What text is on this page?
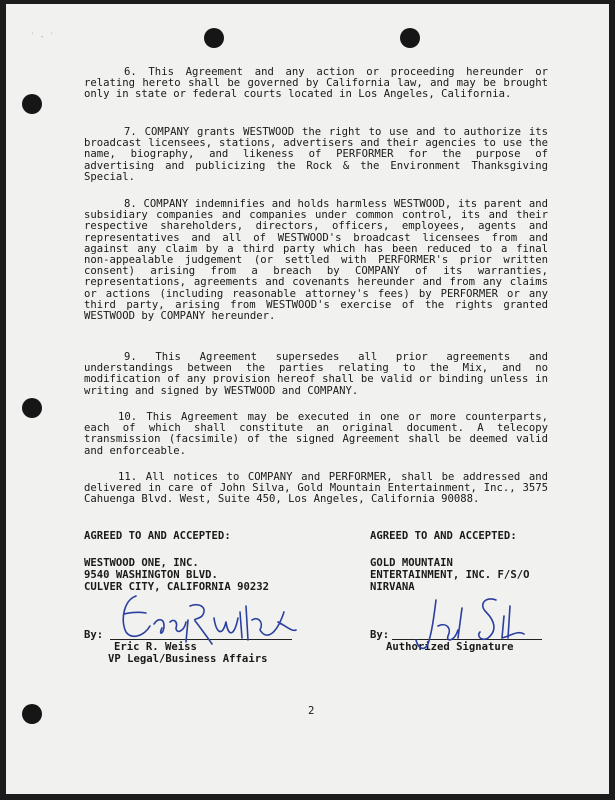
˙ ˗ ˙

6. This Agreement and any action or proceeding hereunder or relating hereto shall be governed by California law, and may be brought only in state or federal courts located in Los Angeles, California.

7. COMPANY grants WESTWOOD the right to use and to authorize its broadcast licensees, stations, advertisers and their agencies to use the name, biography, and likeness of PERFORMER for the purpose of advertising and publicizing the Rock & the Environment Thanksgiving Special.

8. COMPANY indemnifies and holds harmless WESTWOOD, its parent and subsidiary companies and companies under common control, its and their respective shareholders, directors, officers, employees, agents and representatives and all of WESTWOOD's broadcast licensees from and against any claim by a third party which has been reduced to a final non-appealable judgement (or settled with PERFORMER's prior written consent) arising from a breach by COMPANY of its warranties, representations, agreements and covenants hereunder and from any claims or actions (including reasonable attorney's fees) by PERFORMER or any third party, arising from WESTWOOD's exercise of the rights granted WESTWOOD by COMPANY hereunder.

9. This Agreement supersedes all prior agreements and understandings between the parties relating to the Mix, and no modification of any provision hereof shall be valid or binding unless in writing and signed by WESTWOOD and COMPANY.

10. This Agreement may be executed in one or more counterparts, each of which shall constitute an original document. A telecopy transmission (facsimile) of the signed Agreement shall be deemed valid and enforceable.

11. All notices to COMPANY and PERFORMER, shall be addressed and delivered in care of John Silva, Gold Mountain Entertainment, Inc., 3575 Cahuenga Blvd. West, Suite 450, Los Angeles, California 90088.

AGREED TO AND ACCEPTED:
WESTWOOD ONE, INC.
9540 WASHINGTON BLVD.
CULVER CITY, CALIFORNIA 90232
By:
Eric R. Weiss
VP Legal/Business Affairs
AGREED TO AND ACCEPTED:
GOLD MOUNTAIN
ENTERTAINMENT, INC. F/S/O
NIRVANA
By:
Authorized Signature
2
